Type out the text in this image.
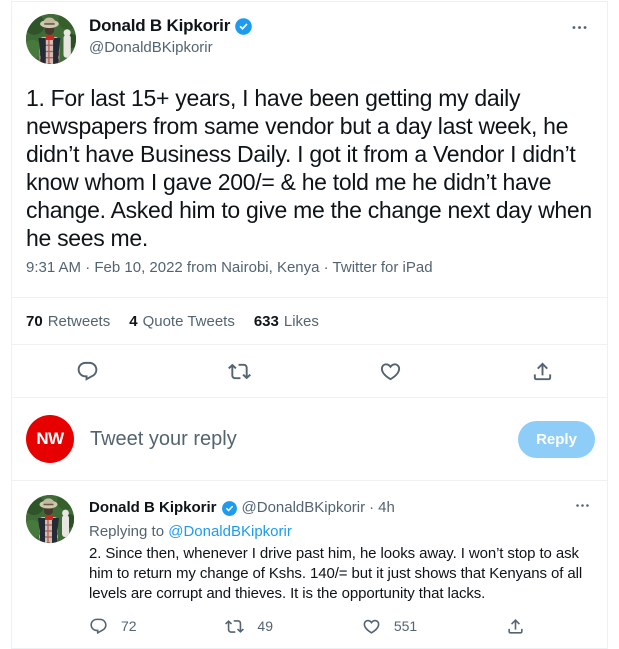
Donald B Kipkorir
@DonaldBKipkorir
1. For last 15+ years, I have been getting my daily newspapers from same vendor but a day last week, he didn’t have Business Daily. I got it from a Vendor I didn’t know whom I gave 200/= & he told me he didn’t have change. Asked him to give me the change next day when he sees me.
9:31 AM · Feb 10, 2022 from Nairobi, Kenya · Twitter for iPad
70 Retweets 4 Quote Tweets 633 Likes
NW	Tweet your reply	Reply
Donald B Kipkorir @DonaldBKipkorir · 4h
Replying to @DonaldBKipkorir
2. Since then, whenever I drive past him, he looks away. I won’t stop to ask him to return my change of Kshs. 140/= but it just shows that Kenyans of all levels are corrupt and thieves. It is the opportunity that lacks.
72	49	551
